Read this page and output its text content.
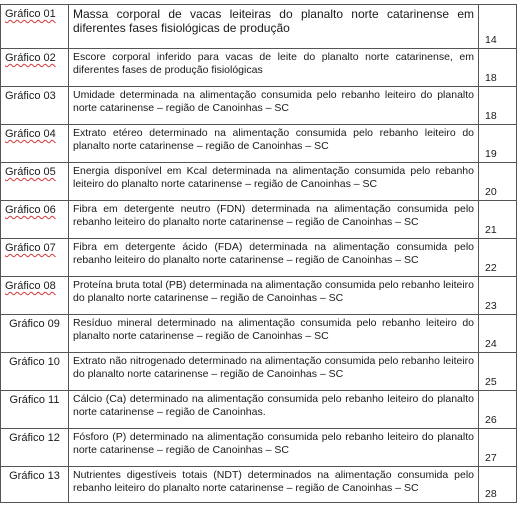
Gráfico 01	Massa corporal de vacas leiteiras do planalto norte catarinense em diferentes fases fisiológicas de produção	14

Gráfico 02	Escore corporal inferido para vacas de leite do planalto norte catarinense, em diferentes fases de produção fisiológicas	18

Gráfico 03	Umidade determinada na alimentação consumida pelo rebanho leiteiro do planalto norte catarinense – região de Canoinhas – SC	18

Gráfico 04	Extrato etéreo determinado na alimentação consumida pelo rebanho leiteiro do planalto norte catarinense – região de Canoinhas – SC	19

Gráfico 05	Energia disponível em Kcal determinada na alimentação consumida pelo rebanho leiteiro do planalto norte catarinense – região de Canoinhas – SC	20

Gráfico 06	Fibra em detergente neutro (FDN) determinada na alimentação consumida pelo rebanho leiteiro do planalto norte catarinense – região de Canoinhas – SC	21

Gráfico 07	Fibra em detergente ácido (FDA) determinada na alimentação consumida pelo rebanho leiteiro do planalto norte catarinense – região de Canoinhas – SC	22

Gráfico 08	Proteína bruta total (PB) determinada na alimentação consumida pelo rebanho leiteiro do planalto norte catarinense – região de Canoinhas – SC	23

Gráfico 09	Resíduo mineral determinado na alimentação consumida pelo rebanho leiteiro do planalto norte catarinense – região de Canoinhas – SC	24

Gráfico 10	Extrato não nitrogenado determinado na alimentação consumida pelo rebanho leiteiro do planalto norte catarinense – região de Canoinhas – SC	25

Gráfico 11	Cálcio (Ca) determinado na alimentação consumida pelo rebanho leiteiro do planalto norte catarinense – região de Canoinhas.	26

Gráfico 12	Fósforo (P) determinado na alimentação consumida pelo rebanho leiteiro do planalto norte catarinense – região de Canoinhas – SC	27

Gráfico 13	Nutrientes digestíveis totais (NDT) determinados na alimentação consumida pelo rebanho leiteiro do planalto norte catarinense – região de Canoinhas – SC	28
